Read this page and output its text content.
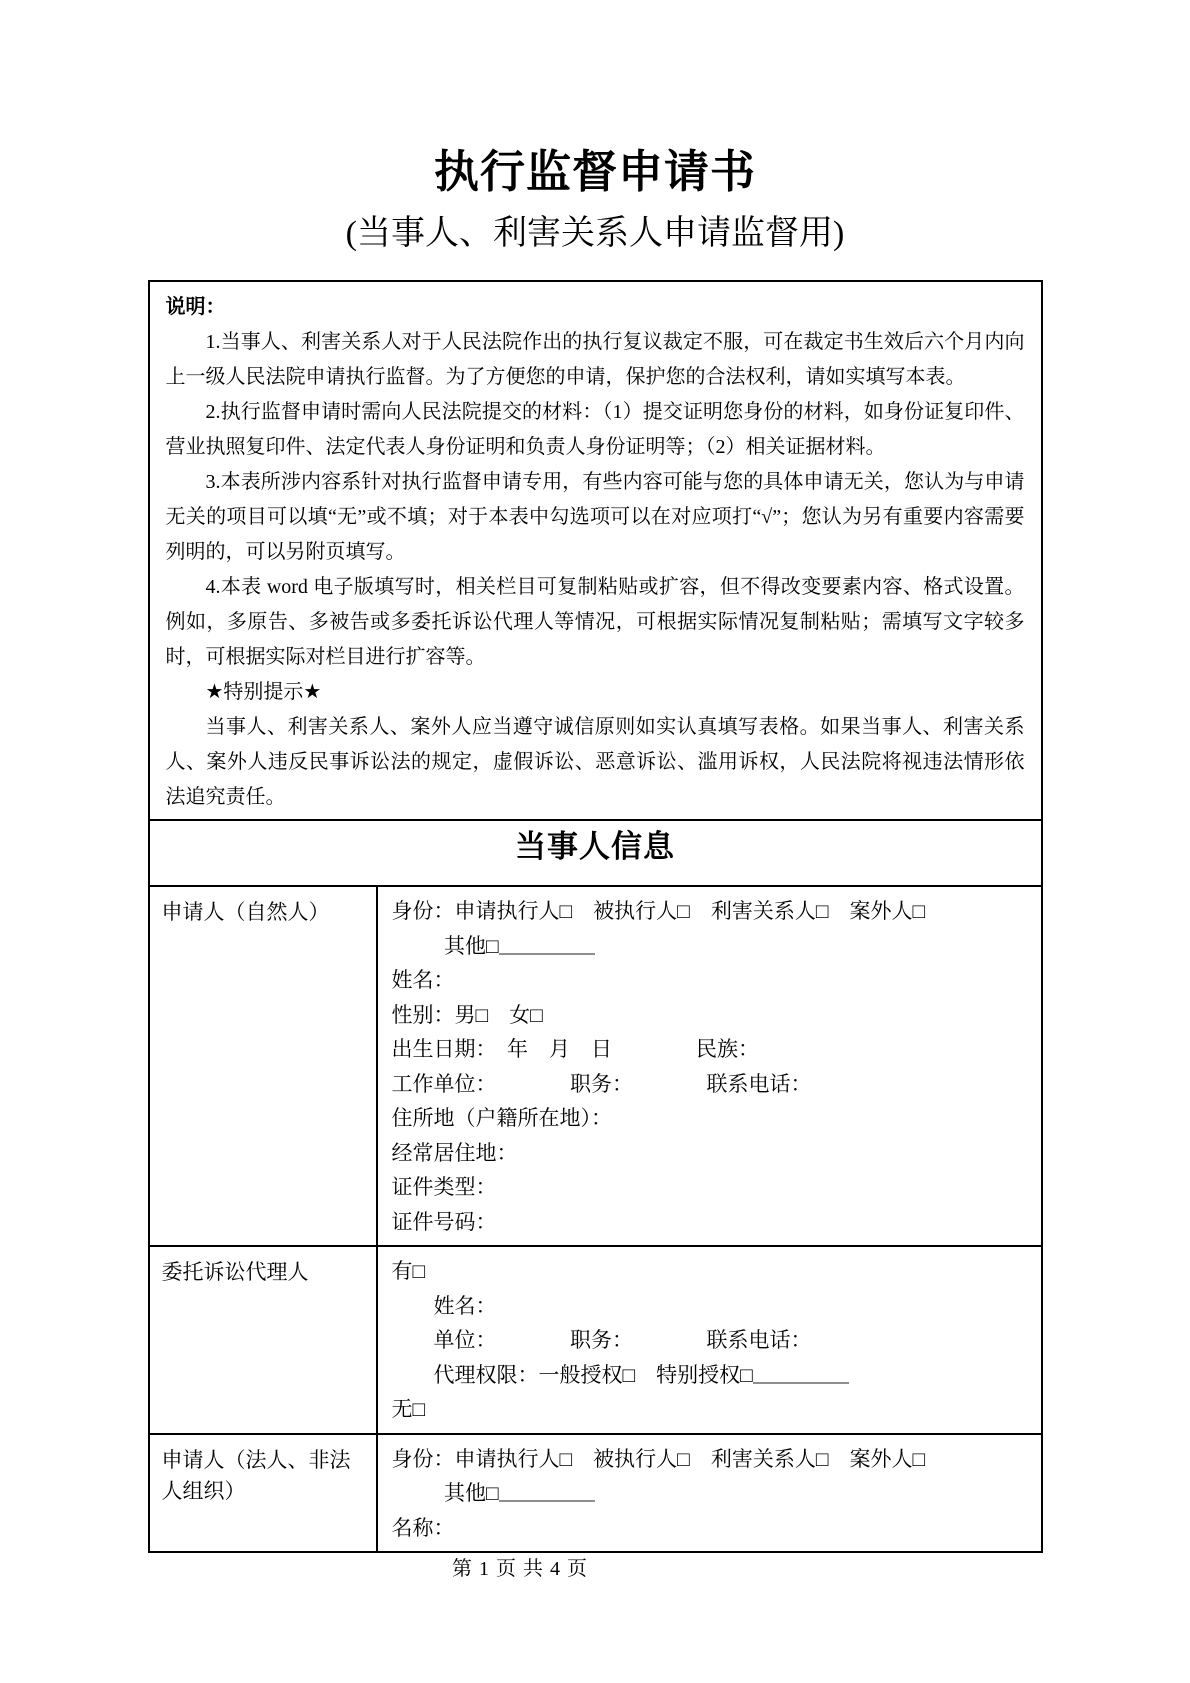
执行监督申请书
(当事人、利害关系人申请监督用)
说明：

1.当事人、利害关系人对于人民法院作出的执行复议裁定不服，可在裁定书生效后六个月内向上一级人民法院申请执行监督。为了方便您的申请，保护您的合法权利，请如实填写本表。

2.执行监督申请时需向人民法院提交的材料：（1）提交证明您身份的材料，如身份证复印件、营业执照复印件、法定代表人身份证明和负责人身份证明等；（2）相关证据材料。

3.本表所涉内容系针对执行监督申请专用，有些内容可能与您的具体申请无关，您认为与申请无关的项目可以填“无”或不填；对于本表中勾选项可以在对应项打“√”；您认为另有重要内容需要列明的，可以另附页填写。

4.本表 word 电子版填写时，相关栏目可复制粘贴或扩容，但不得改变要素内容、格式设置。例如，多原告、多被告或多委托诉讼代理人等情况，可根据实际情况复制粘贴；需填写文字较多时，可根据实际对栏目进行扩容等。

★特别提示★

当事人、利害关系人、案外人应当遵守诚信原则如实认真填写表格。如果当事人、利害关系人、案外人违反民事诉讼法的规定，虚假诉讼、恶意诉讼、滥用诉权，人民法院将视违法情形依法追究责任。

当事人信息	
申请人（自然人）	身份：申请执行人□　被执行人□　利害关系人□　案外人□
其他□
姓名：
性别：男□　女□
出生日期：　年　月　日　　　　民族：
工作单位：　　　　职务：　　　　联系电话：
住所地（户籍所在地）：
经常居住地：
证件类型：
证件号码：

委托诉讼代理人	有□
姓名：
单位：　　　　职务：　　　　联系电话：
代理权限：一般授权□　特别授权□
无□

申请人（法人、非法人组织）	身份：申请执行人□　被执行人□　利害关系人□　案外人□
其他□
名称：
第 1 页 共 4 页
